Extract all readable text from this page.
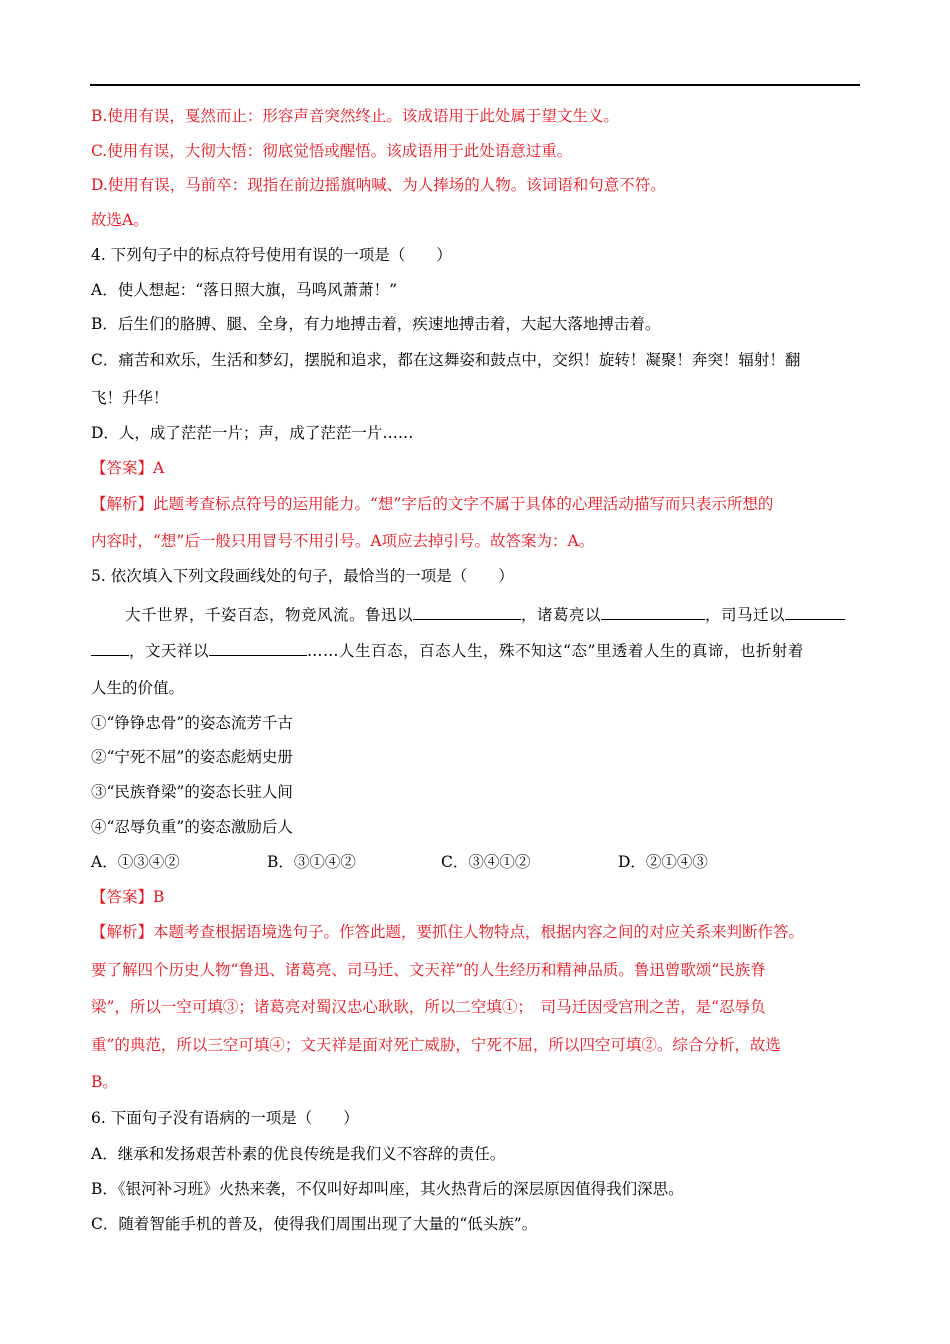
B.使用有误，戛然而止：形容声音突然终止。该成语用于此处属于望文生义。
C.使用有误，大彻大悟：彻底觉悟或醒悟。该成语用于此处语意过重。
D.使用有误，马前卒：现指在前边摇旗呐喊、为人捧场的人物。该词语和句意不符。
故选A。
4. 下列句子中的标点符号使用有误的一项是（　　）
A．使人想起：“落日照大旗，马鸣风萧萧！”
B．后生们的胳膊、腿、全身，有力地搏击着，疾速地搏击着，大起大落地搏击着。
C．痛苦和欢乐，生活和梦幻，摆脱和追求，都在这舞姿和鼓点中，交织！旋转！凝聚！奔突！辐射！翻
飞！升华！
D．人，成了茫茫一片；声，成了茫茫一片……
【答案】A
【解析】此题考查标点符号的运用能力。“想”字后的文字不属于具体的心理活动描写而只表示所想的
内容时，“想”后一般只用冒号不用引号。A项应去掉引号。故答案为：A。
5. 依次填入下列文段画线处的句子，最恰当的一项是（　　）
大千世界，千姿百态，物竞风流。鲁迅以	，诸葛亮以	，司马迁以
，文天祥以	……人生百态，百态人生，殊不知这“态”里透着人生的真谛，也折射着
人生的价值。
①“铮铮忠骨”的姿态流芳千古
②“宁死不屈”的姿态彪炳史册
③“民族脊梁”的姿态长驻人间
④“忍辱负重”的姿态激励后人
A．①③④②	B．③①④②	C．③④①②	D．②①④③
【答案】B
【解析】本题考查根据语境选句子。作答此题，要抓住人物特点，根据内容之间的对应关系来判断作答。
要了解四个历史人物“鲁迅、诸葛亮、司马迁、文天祥”的人生经历和精神品质。鲁迅曾歌颂“民族脊
梁”，所以一空可填③；诸葛亮对蜀汉忠心耿耿，所以二空填①；　司马迁因受宫刑之苦，是“忍辱负
重”的典范，所以三空可填④；文天祥是面对死亡威胁，宁死不屈，所以四空可填②。综合分析，故选
B。
6. 下面句子没有语病的一项是（　　）
A．继承和发扬艰苦朴素的优良传统是我们义不容辞的责任。
B．《银河补习班》火热来袭，不仅叫好却叫座，其火热背后的深层原因值得我们深思。
C．随着智能手机的普及，使得我们周围出现了大量的“低头族”。
